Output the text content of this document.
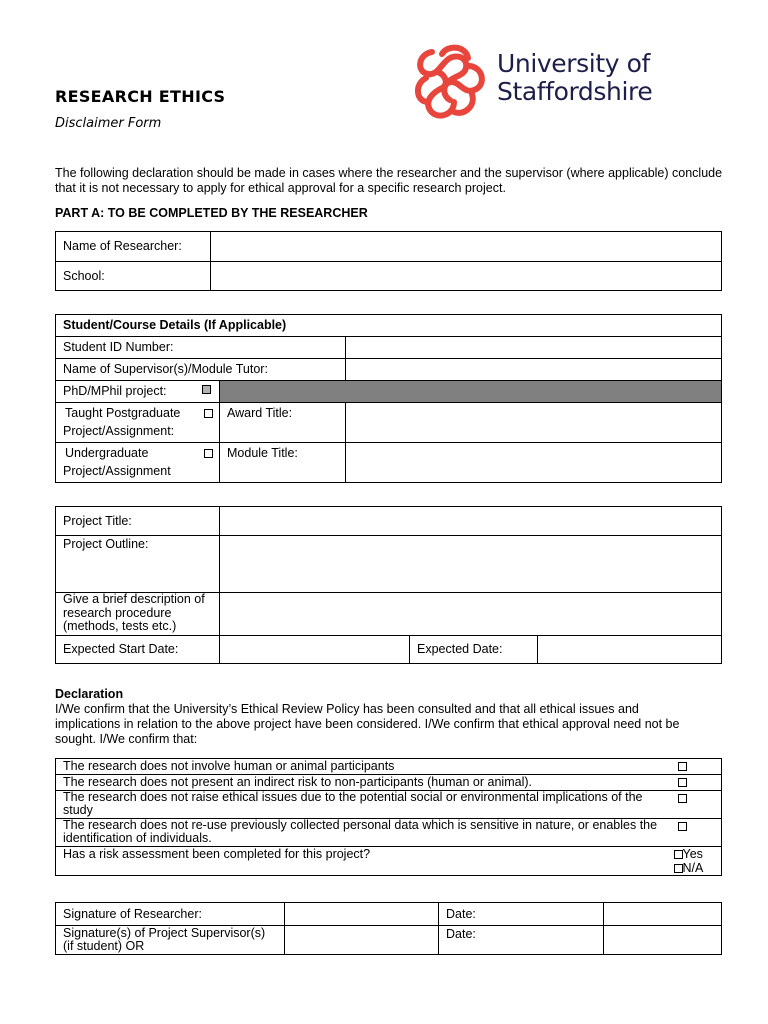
RESEARCH ETHICS
Disclaimer Form
University of
Staffordshire
The following declaration should be made in cases where the researcher and the supervisor (where applicable) conclude that it is not necessary to apply for ethical approval for a specific research project.
PART A: TO BE COMPLETED BY THE RESEARCHER
Name of Researcher:	
School:	
Student/Course Details (If Applicable)		
Student ID Number:		
Name of Supervisor(s)/Module Tutor:		
PhD/MPhil project:	

Taught Postgraduate
Project/Assignment:	Award Title:	

Undergraduate
Project/Assignment	Module Title:	
Project Title:			
Project Outline:			
Give a brief description of research procedure (methods, tests etc.)			
Expected Start Date:		Expected Date:	
Declaration
I/We confirm that the University’s Ethical Review Policy has been consulted and that all ethical issues and implications in relation to the above project have been considered. I/We confirm that ethical approval need not be sought. I/We confirm that:
The research does not involve human or animal participants	
The research does not present an indirect risk to non-participants (human or animal).	
The research does not raise ethical issues due to the potential social or environmental implications of the study	
The research does not re-use previously collected personal data which is sensitive in nature, or enables the identification of individuals.	
Has a risk assessment been completed for this project?	Yes
N/A
Signature of Researcher:		Date:	
Signature(s) of Project Supervisor(s) (if student) OR		Date:	
